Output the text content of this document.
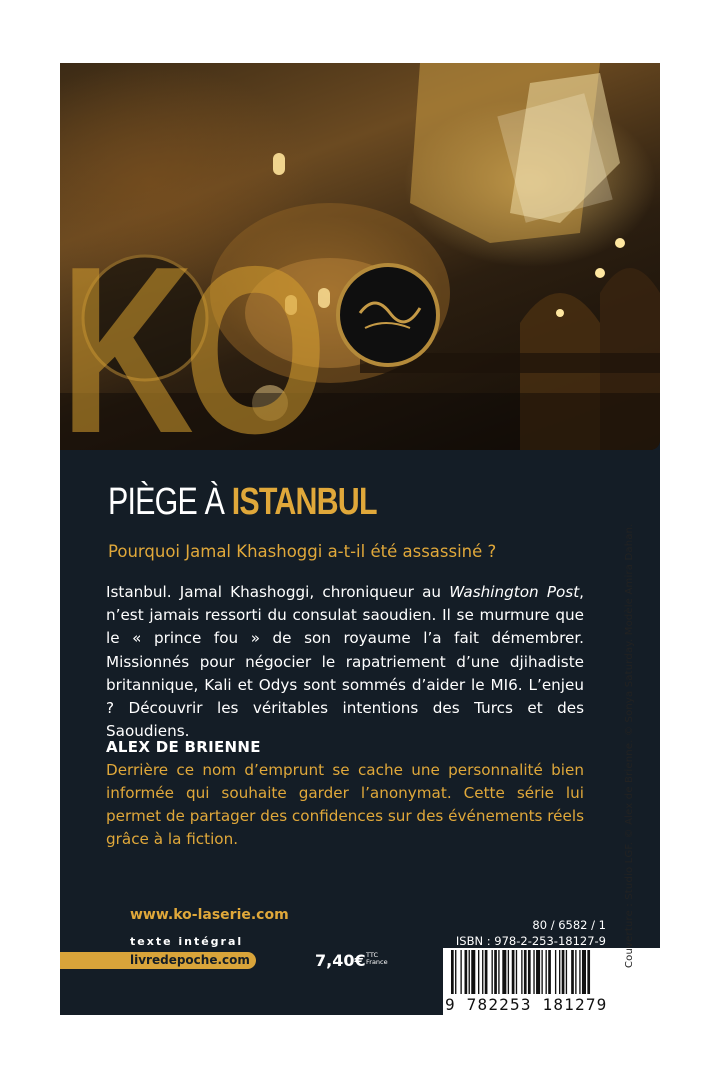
KO
PIÈGE À ISTANBUL
Pourquoi Jamal Khashoggi a-t-il été assassiné ?
Istanbul. Jamal Khashoggi, chroniqueur au Washington Post, n’est jamais ressorti du consulat saoudien. Il se murmure que le « prince fou » de son royaume l’a fait démembrer. Missionnés pour négocier le rapatriement d’une djihadiste britannique, Kali et Odys sont sommés d’aider le MI6. L’enjeu ? Découvrir les véritables intentions des Turcs et des Saoudiens.
ALEX DE BRIENNE
Derrière ce nom d’emprunt se cache une personnalité bien informée qui souhaite garder l’anonymat. Cette série lui permet de partager des confidences sur des événements réels grâce à la fiction.
www.ko-laserie.com
texte intégral
livredepoche.com	7,40€ TTC
France
80 / 6582 / 1
ISBN : 978-2-253-18127-9
9 782253 181279
Couverture : Studio LGF. © Alex de Brienne. © Sonya Saturday. Modèle Amira Dahan.
